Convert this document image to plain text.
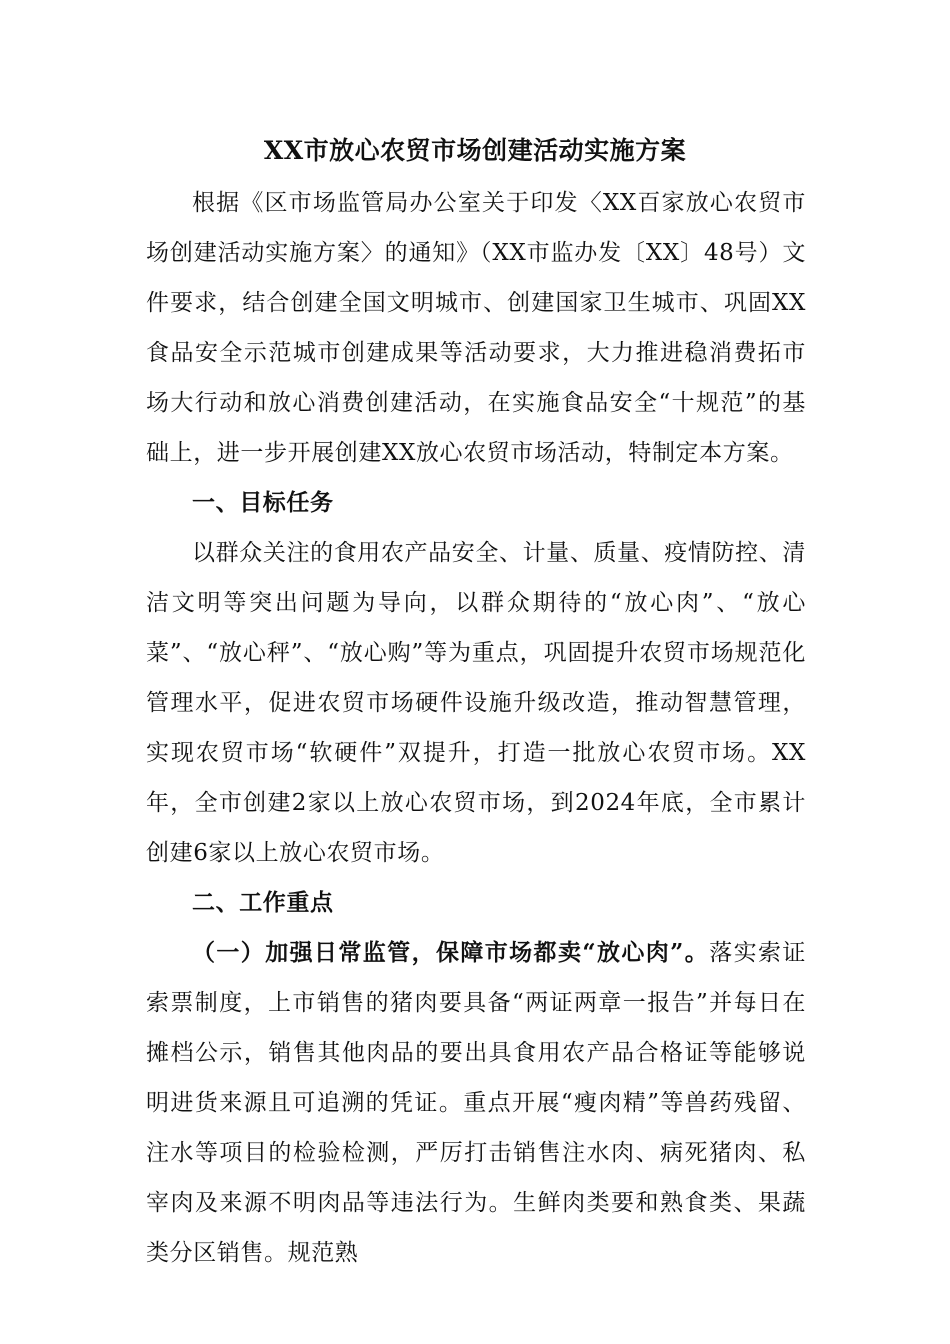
XX市放心农贸市场创建活动实施方案

根据《区市场监管局办公室关于印发〈XX百家放心农贸市场创建活动实施方案〉的通知》（XX市监办发〔XX〕48号）文件要求，结合创建全国文明城市、创建国家卫生城市、巩固XX食品安全示范城市创建成果等活动要求，大力推进稳消费拓市场大行动和放心消费创建活动，在实施食品安全“十规范”的基础上，进一步开展创建XX放心农贸市场活动，特制定本方案。

一、目标任务

以群众关注的食用农产品安全、计量、质量、疫情防控、清洁文明等突出问题为导向，以群众期待的“放心肉”、“放心菜”、“放心秤”、“放心购”等为重点，巩固提升农贸市场规范化管理水平，促进农贸市场硬件设施升级改造，推动智慧管理，实现农贸市场“软硬件”双提升，打造一批放心农贸市场。XX年，全市创建2家以上放心农贸市场，到2024年底，全市累计创建6家以上放心农贸市场。

二、工作重点

（一）加强日常监管，保障市场都卖“放心肉”。落实索证索票制度，上市销售的猪肉要具备“两证两章一报告”并每日在摊档公示，销售其他肉品的要出具食用农产品合格证等能够说明进货来源且可追溯的凭证。重点开展“瘦肉精”等兽药残留、注水等项目的检验检测，严厉打击销售注水肉、病死猪肉、私宰肉及来源不明肉品等违法行为。生鲜肉类要和熟食类、果蔬类分区销售。规范熟
